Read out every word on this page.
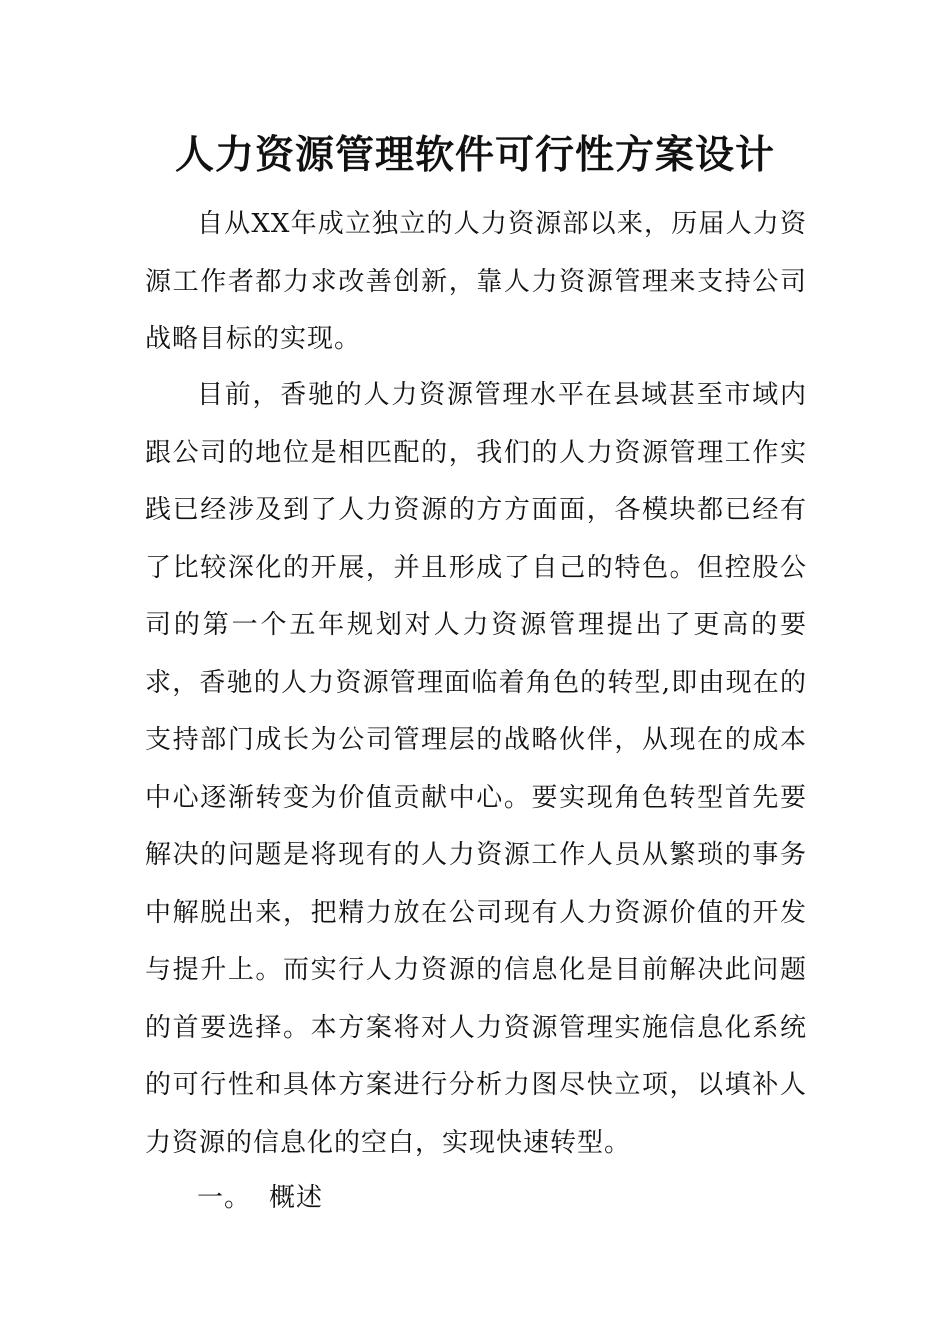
人力资源管理软件可行性方案设计

自从XX年成立独立的人力资源部以来，历届人力资源工作者都力求改善创新，靠人力资源管理来支持公司战略目标的实现。

目前，香驰的人力资源管理水平在县域甚至市域内跟公司的地位是相匹配的，我们的人力资源管理工作实践已经涉及到了人力资源的方方面面，各模块都已经有了比较深化的开展，并且形成了自己的特色。但控股公司的第一个五年规划对人力资源管理提出了更高的要求，香驰的人力资源管理面临着角色的转型,即由现在的支持部门成长为公司管理层的战略伙伴，从现在的成本中心逐渐转变为价值贡献中心。要实现角色转型首先要解决的问题是将现有的人力资源工作人员从繁琐的事务中解脱出来，把精力放在公司现有人力资源价值的开发与提升上。而实行人力资源的信息化是目前解决此问题的首要选择。本方案将对人力资源管理实施信息化系统的可行性和具体方案进行分析力图尽快立项，以填补人力资源的信息化的空白，实现快速转型。

一。 概述
